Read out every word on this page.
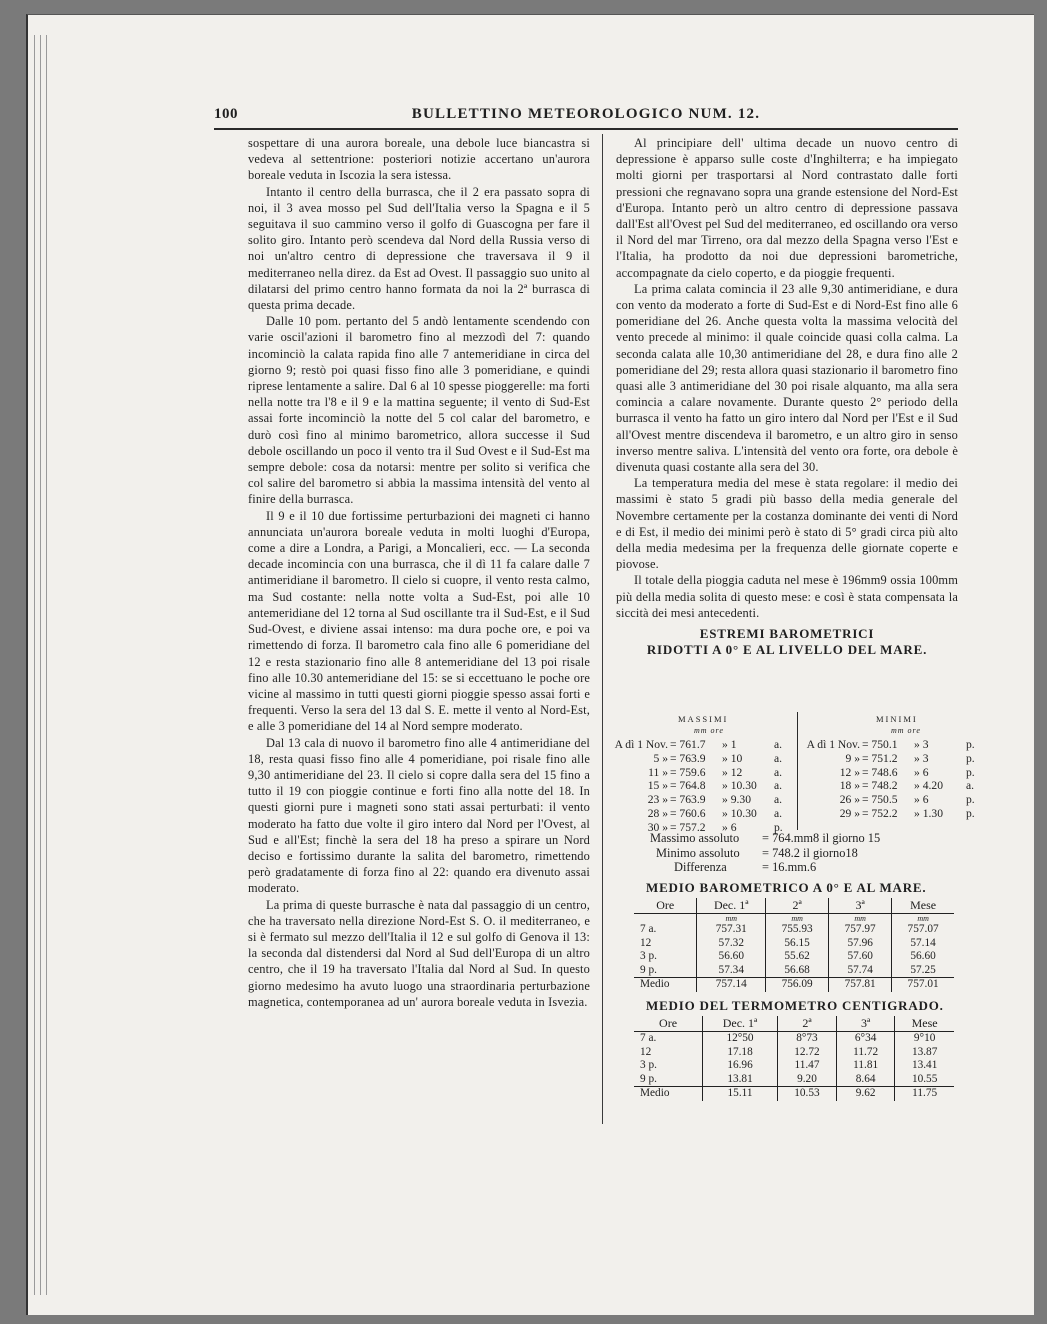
100	BULLETTINO METEOROLOGICO NUM. 12.

sospettare di una aurora boreale, una debole luce biancastra si vedeva al settentrione: posteriori notizie accertano un'aurora boreale veduta in Iscozia la sera istessa.

Intanto il centro della burrasca, che il 2 era passato sopra di noi, il 3 avea mosso pel Sud dell'Italia verso la Spagna e il 5 seguitava il suo cammino verso il golfo di Guascogna per fare il solito giro. Intanto però scendeva dal Nord della Russia verso di noi un'altro centro di depressione che traversava il 9 il mediterraneo nella direz. da Est ad Ovest. Il passaggio suo unito al dilatarsi del primo centro hanno formata da noi la 2ª burrasca di questa prima decade.

Dalle 10 pom. pertanto del 5 andò lentamente scendendo con varie oscil'azioni il barometro fino al mezzodì del 7: quando incominciò la calata rapida fino alle 7 antemeridiane in circa del giorno 9; restò poi quasi fisso fino alle 3 pomeridiane, e quindi riprese lentamente a salire. Dal 6 al 10 spesse pioggerelle: ma forti nella notte tra l'8 e il 9 e la mattina seguente; il vento di Sud-Est assai forte incominciò la notte del 5 col calar del barometro, e durò così fino al minimo barometrico, allora successe il Sud debole oscillando un poco il vento tra il Sud Ovest e il Sud-Est ma sempre debole: cosa da notarsi: mentre per solito si verifica che col salire del barometro si abbia la massima intensità del vento al finire della burrasca.

Il 9 e il 10 due fortissime perturbazioni dei magneti ci hanno annunciata un'aurora boreale veduta in molti luoghi d'Europa, come a dire a Londra, a Parigi, a Moncalieri, ecc. — La seconda decade incomincia con una burrasca, che il dì 11 fa calare dalle 7 antimeridiane il barometro. Il cielo si cuopre, il vento resta calmo, ma Sud costante: nella notte volta a Sud-Est, poi alle 10 antemeridiane del 12 torna al Sud oscillante tra il Sud-Est, e il Sud Sud-Ovest, e diviene assai intenso: ma dura poche ore, e poi va rimettendo di forza. Il barometro cala fino alle 6 pomeridiane del 12 e resta stazionario fino alle 8 antemeridiane del 13 poi risale fino alle 10.30 antemeridiane del 15: se si eccettuano le poche ore vicine al massimo in tutti questi giorni pioggie spesso assai forti e frequenti. Verso la sera del 13 dal S. E. mette il vento al Nord-Est, e alle 3 pomeridiane del 14 al Nord sempre moderato.

Dal 13 cala di nuovo il barometro fino alle 4 antimeridiane del 18, resta quasi fisso fino alle 4 pomeridiane, poi risale fino alle 9,30 antimeridiane del 23. Il cielo si copre dalla sera del 15 fino a tutto il 19 con pioggie continue e forti fino alla notte del 18. In questi giorni pure i magneti sono stati assai perturbati: il vento moderato ha fatto due volte il giro intero dal Nord per l'Ovest, al Sud e all'Est; finchè la sera del 18 ha preso a spirare un Nord deciso e fortissimo durante la salita del barometro, rimettendo però gradatamente di forza fino al 22: quando era divenuto assai moderato.

La prima di queste burrasche è nata dal passaggio di un centro, che ha traversato nella direzione Nord-Est S. O. il mediterraneo, e si è fermato sul mezzo dell'Italia il 12 e sul golfo di Genova il 13: la seconda dal distendersi dal Nord al Sud dell'Europa di un altro centro, che il 19 ha traversato l'Italia dal Nord al Sud. In questo giorno medesimo ha avuto luogo una straordinaria perturbazione magnetica, contemporanea ad un' aurora boreale veduta in Isvezia.

Al principiare dell' ultima decade un nuovo centro di depressione è apparso sulle coste d'Inghilterra; e ha impiegato molti giorni per trasportarsi al Nord contrastato dalle forti pressioni che regnavano sopra una grande estensione del Nord-Est d'Europa. Intanto però un altro centro di depressione passava dall'Est all'Ovest pel Sud del mediterraneo, ed oscillando ora verso il Nord del mar Tirreno, ora dal mezzo della Spagna verso l'Est e l'Italia, ha prodotto da noi due depressioni barometriche, accompagnate da cielo coperto, e da pioggie frequenti.

La prima calata comincia il 23 alle 9,30 antimeridiane, e dura con vento da moderato a forte di Sud-Est e di Nord-Est fino alle 6 pomeridiane del 26. Anche questa volta la massima velocità del vento precede al minimo: il quale coincide quasi colla calma. La seconda calata alle 10,30 antimeridiane del 28, e dura fino alle 2 pomeridiane del 29; resta allora quasi stazionario il barometro fino quasi alle 3 antimeridiane del 30 poi risale alquanto, ma alla sera comincia a calare novamente. Durante questo 2° periodo della burrasca il vento ha fatto un giro intero dal Nord per l'Est e il Sud all'Ovest mentre discendeva il barometro, e un altro giro in senso inverso mentre saliva. L'intensità del vento ora forte, ora debole è divenuta quasi costante alla sera del 30.

La temperatura media del mese è stata regolare: il medio dei massimi è stato 5 gradi più basso della media generale del Novembre certamente per la costanza dominante dei venti di Nord e di Est, il medio dei minimi però è stato di 5° gradi circa più alto della media medesima per la frequenza delle giornate coperte e piovose.

Il totale della pioggia caduta nel mese è 196mm9 ossia 100mm più della media solita di questo mese: e così è stata compensata la siccità dei mesi antecedenti.

ESTREMI BAROMETRICI
RIDOTTI A 0° E AL LIVELLO DEL MARE.
MASSIMI	MINIMI
mm ore	mm ore
A dì 1 Nov. = 761.7 » 1	a.
5 » = 763.9 » 10	a.
11 » = 759.6 » 12	a.
15 » = 764.8 » 10.30 a.
23 » = 763.9 » 9.30 a.
28 » = 760.6 » 10.30 a.
30 » = 757.2 » 6	p.
A dì 1 Nov. = 750.1 » 3	p.
9 » = 751.2 » 3	p.
12 » = 748.6 » 6	p.
18 » = 748.2 » 4.20 a.
26 » = 750.5 » 6	p.
29 » = 752.2 » 1.30 p.
Massimo assoluto = 764.mm8 il giorno 15
Minimo assoluto = 748.2 il giorno18
Differenza	= 16.mm.6
MEDIO BAROMETRICO A 0° E AL MARE.
Ore	Dec. 1ª	2ª	3ª	Mese
	mm	mm	mm	mm
7 a.	757.31	755.93	757.97	757.07
12	57.32	56.15	57.96	57.14
3 p.	56.60	55.62	57.60	56.60
9 p.	57.34	56.68	57.74	57.25
Medio	757.14	756.09	757.81	757.01
MEDIO DEL TERMOMETRO CENTIGRADO.
Ore	Dec. 1ª	2ª	3ª	Mese
7 a.	12°50	8°73	6°34	9°10
12	17.18	12.72	11.72	13.87
3 p.	16.96	11.47	11.81	13.41
9 p.	13.81	9.20	8.64	10.55
Medio	15.11	10.53	9.62	11.75
